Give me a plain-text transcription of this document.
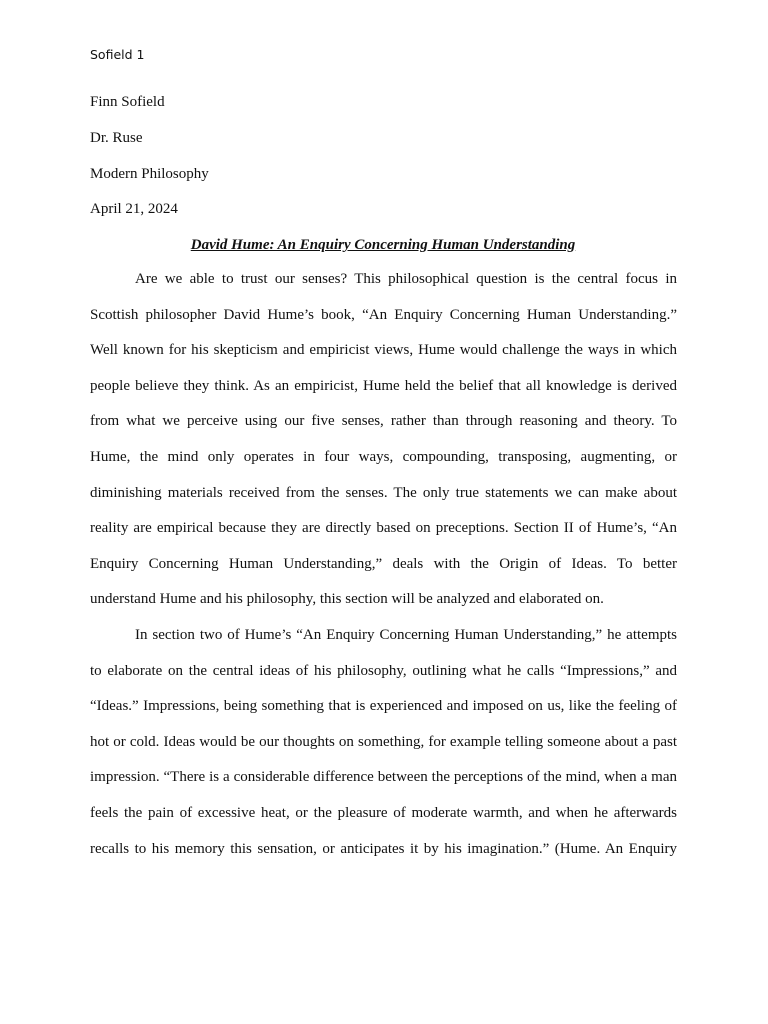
Sofield 1
Finn Sofield
Dr. Ruse
Modern Philosophy
April 21, 2024
David Hume: An Enquiry Concerning Human Understanding
Are we able to trust our senses? This philosophical question is the central focus in
Scottish philosopher David Hume’s book, “An Enquiry Concerning Human Understanding.”
Well known for his skepticism and empiricist views, Hume would challenge the ways in which
people believe they think. As an empiricist, Hume held the belief that all knowledge is derived
from what we perceive using our five senses, rather than through reasoning and theory. To
Hume, the mind only operates in four ways, compounding, transposing, augmenting, or
diminishing materials received from the senses. The only true statements we can make about
reality are empirical because they are directly based on preceptions. Section II of Hume’s, “An
Enquiry Concerning Human Understanding,” deals with the Origin of Ideas. To better
understand Hume and his philosophy, this section will be analyzed and elaborated on.
In section two of Hume’s “An Enquiry Concerning Human Understanding,” he attempts
to elaborate on the central ideas of his philosophy, outlining what he calls “Impressions,” and
“Ideas.” Impressions, being something that is experienced and imposed on us, like the feeling of
hot or cold. Ideas would be our thoughts on something, for example telling someone about a past
impression. “There is a considerable difference between the perceptions of the mind, when a man
feels the pain of excessive heat, or the pleasure of moderate warmth, and when he afterwards
recalls to his memory this sensation, or anticipates it by his imagination.” (Hume. An Enquiry
